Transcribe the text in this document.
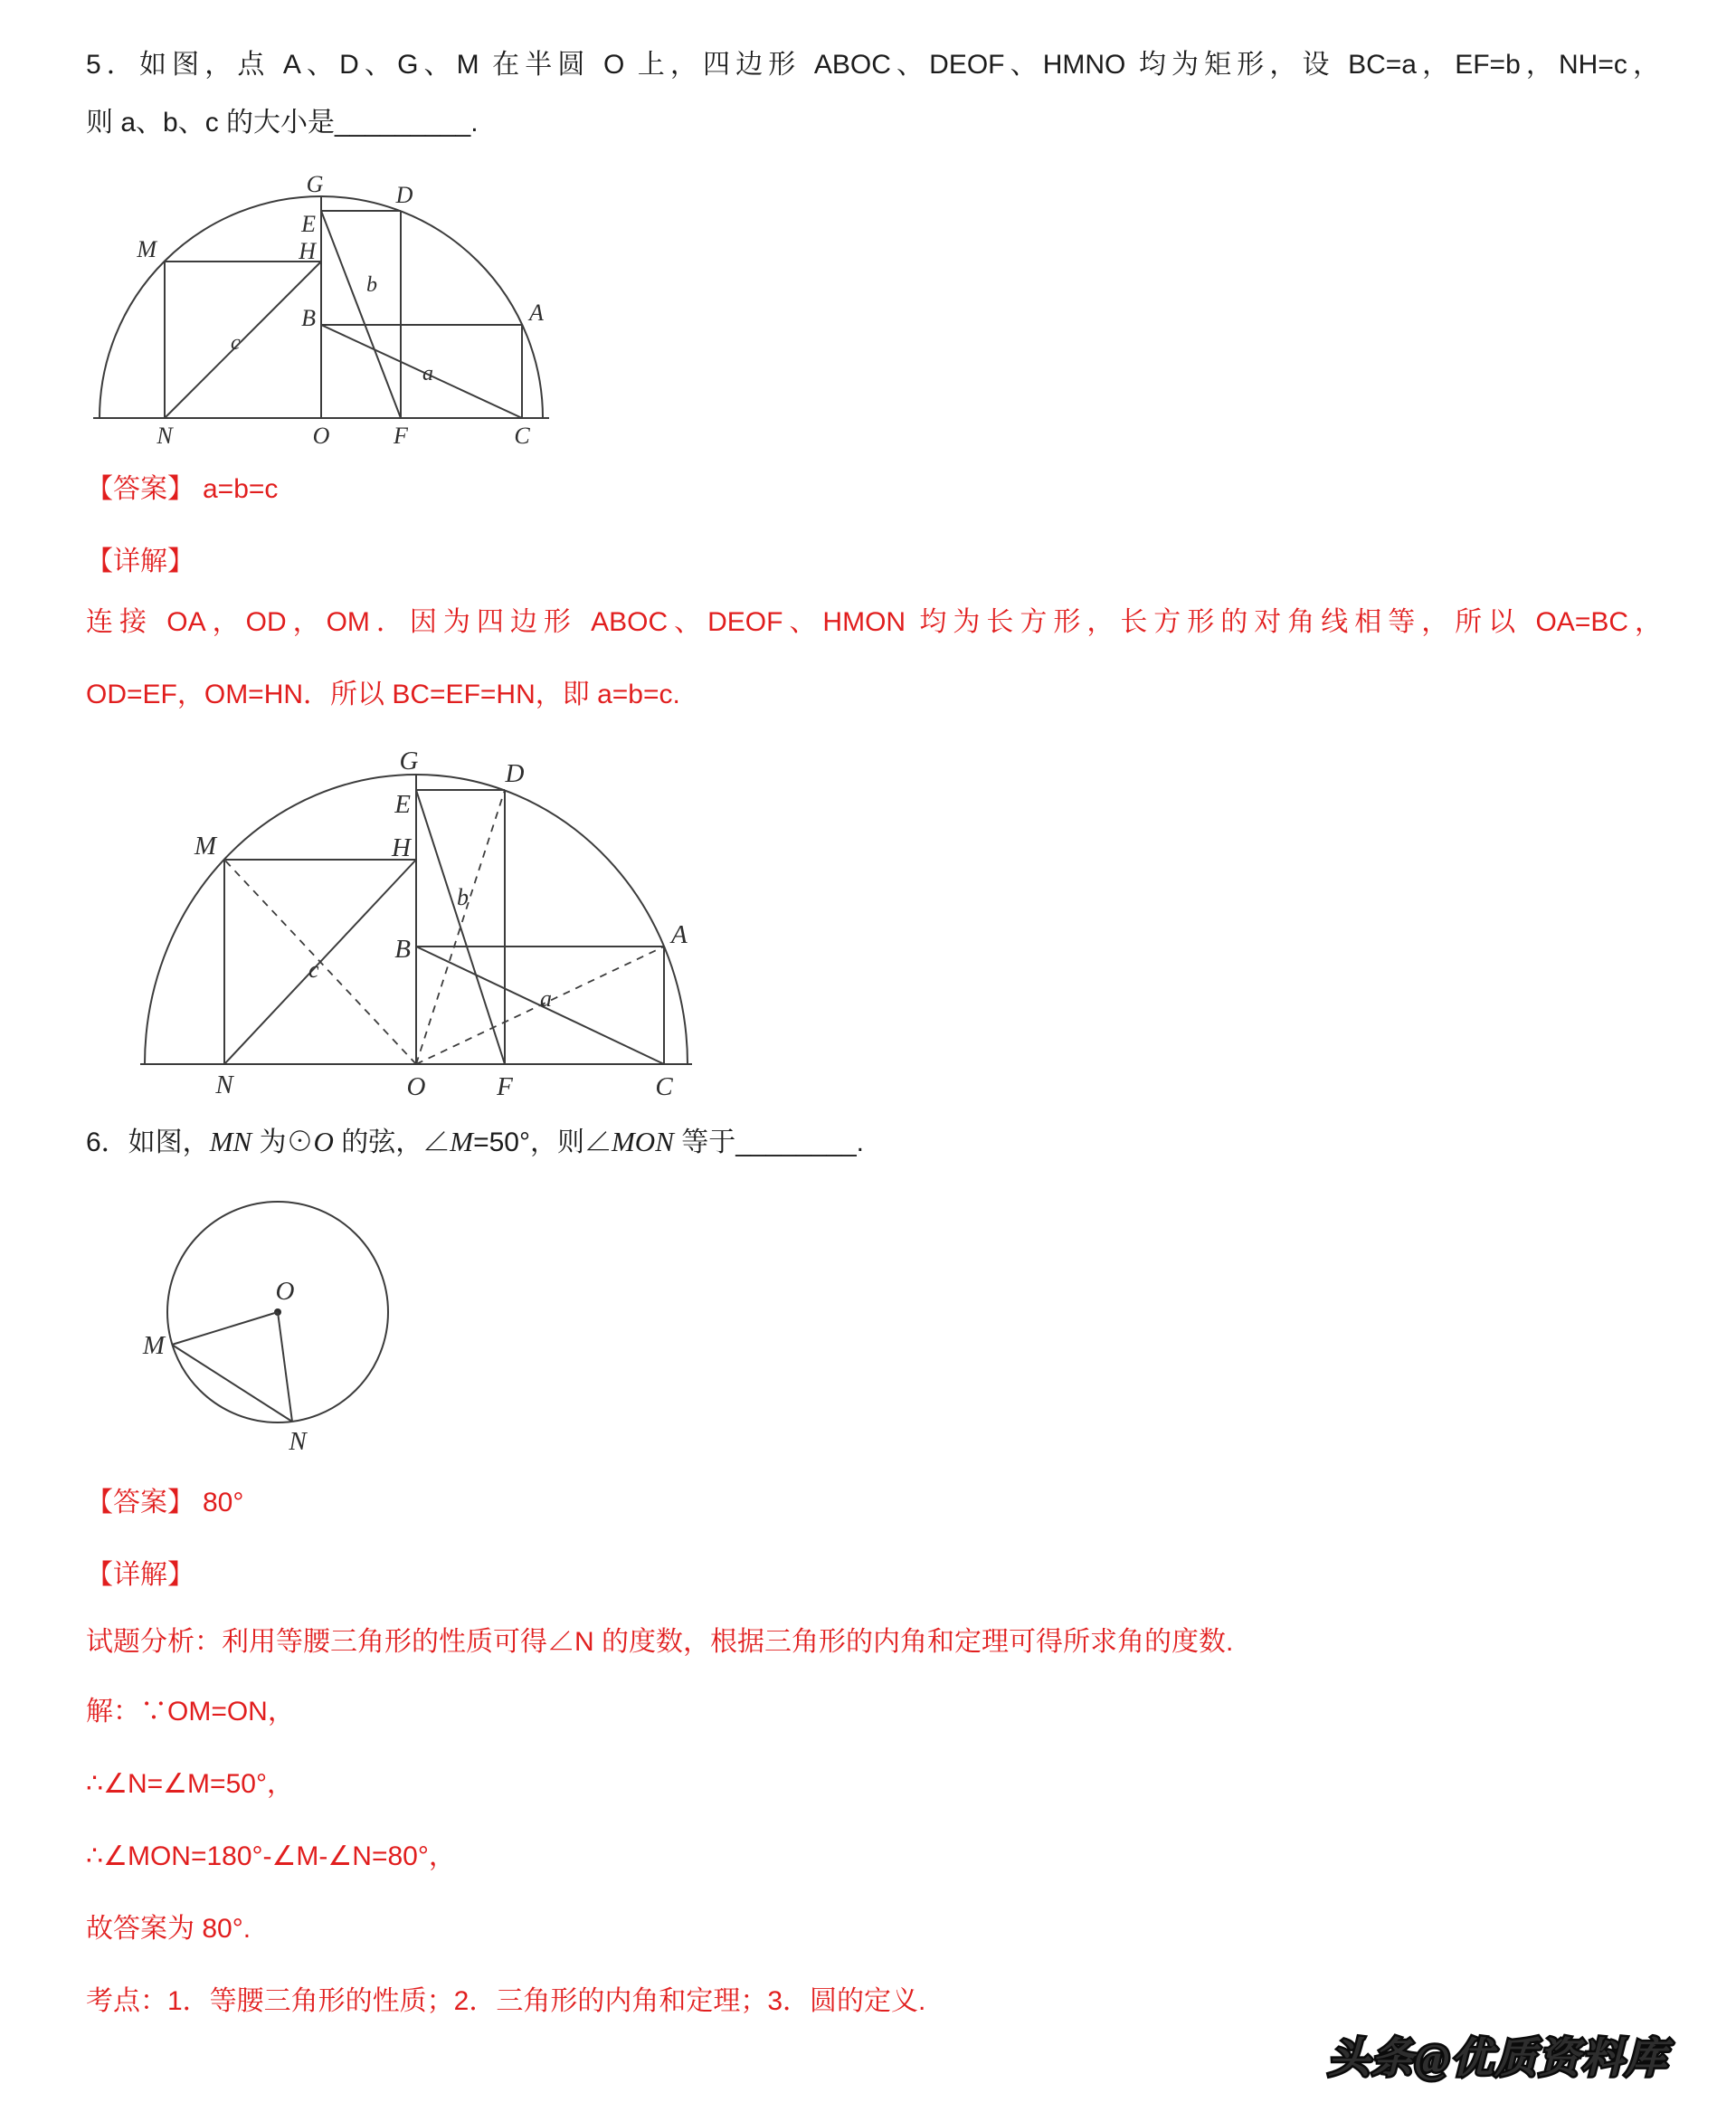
5．如图，点 A、D、G、M 在半圆 O 上，四边形 ABOC、DEOF、HMNO 均为矩形，设 BC=a，EF=b，NH=c，
则 a、b、c 的大小是_________.
G	D
E
H
M
B	A
N	O	F	C
b
c
a
【答案】 a=b=c
【详解】
连接 OA，OD，OM．因为四边形 ABOC、DEOF、HMON 均为长方形，长方形的对角线相等，所以 OA=BC，
OD=EF，OM=HN．所以 BC=EF=HN，即 a=b=c.
G	D
E
H
M
B	A
N	O	F	C
b
c
a
6．如图，MN 为⊙O 的弦，∠M=50°，则∠MON 等于________.
O
M
N
【答案】 80°
【详解】
试题分析：利用等腰三角形的性质可得∠N 的度数，根据三角形的内角和定理可得所求角的度数.
解：∵OM=ON，
∴∠N=∠M=50°，
∴∠MON=180°-∠M-∠N=80°，
故答案为 80°.
考点：1．等腰三角形的性质；2．三角形的内角和定理；3．圆的定义.
头条@优质资料库
